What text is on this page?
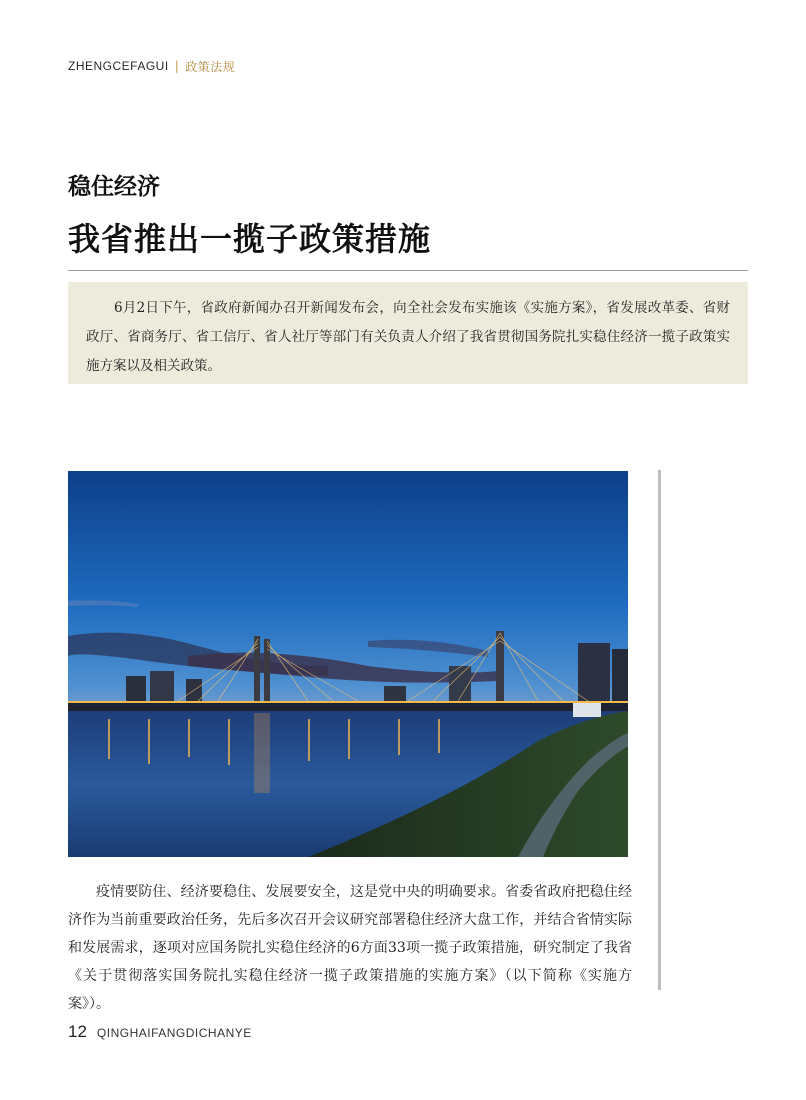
ZHENGCEFAGUI | 政策法规
稳住经济
我省推出一揽子政策措施

6月2日下午，省政府新闻办召开新闻发布会，向全社会发布实施该《实施方案》，省发展改革委、省财政厅、省商务厅、省工信厅、省人社厅等部门有关负责人介绍了我省贯彻国务院扎实稳住经济一揽子政策实施方案以及相关政策。

疫情要防住、经济要稳住、发展要安全，这是党中央的明确要求。省委省政府把稳住经济作为当前重要政治任务，先后多次召开会议研究部署稳住经济大盘工作，并结合省情实际和发展需求，逐项对应国务院扎实稳住经济的6方面33项一揽子政策措施，研究制定了我省《关于贯彻落实国务院扎实稳住经济一揽子政策措施的实施方案》（以下简称《实施方案》）。

12 QINGHAIFANGDICHANYE
